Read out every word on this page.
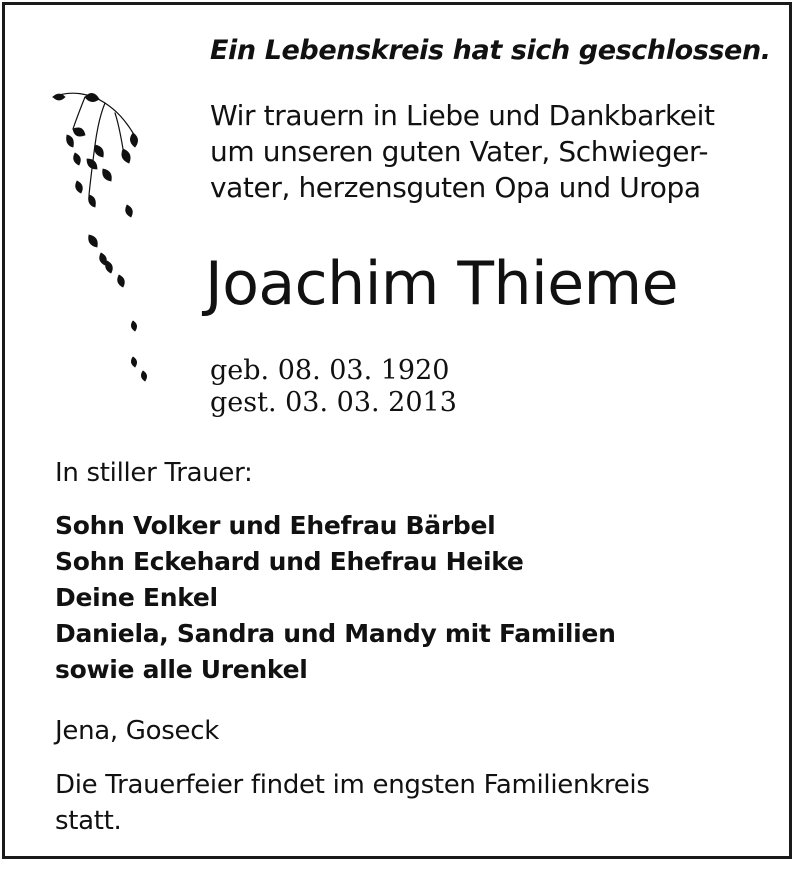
Ein Lebenskreis hat sich geschlossen.
Wir trauern in Liebe und Dankbarkeit
um unseren guten Vater, Schwieger-
vater, herzensguten Opa und Uropa
Joachim Thieme
geb. 08. 03. 1920
gest. 03. 03. 2013
In stiller Trauer:
Sohn Volker und Ehefrau Bärbel
Sohn Eckehard und Ehefrau Heike
Deine Enkel
Daniela, Sandra und Mandy mit Familien
sowie alle Urenkel
Jena, Goseck
Die Trauerfeier findet im engsten Familienkreis
statt.
